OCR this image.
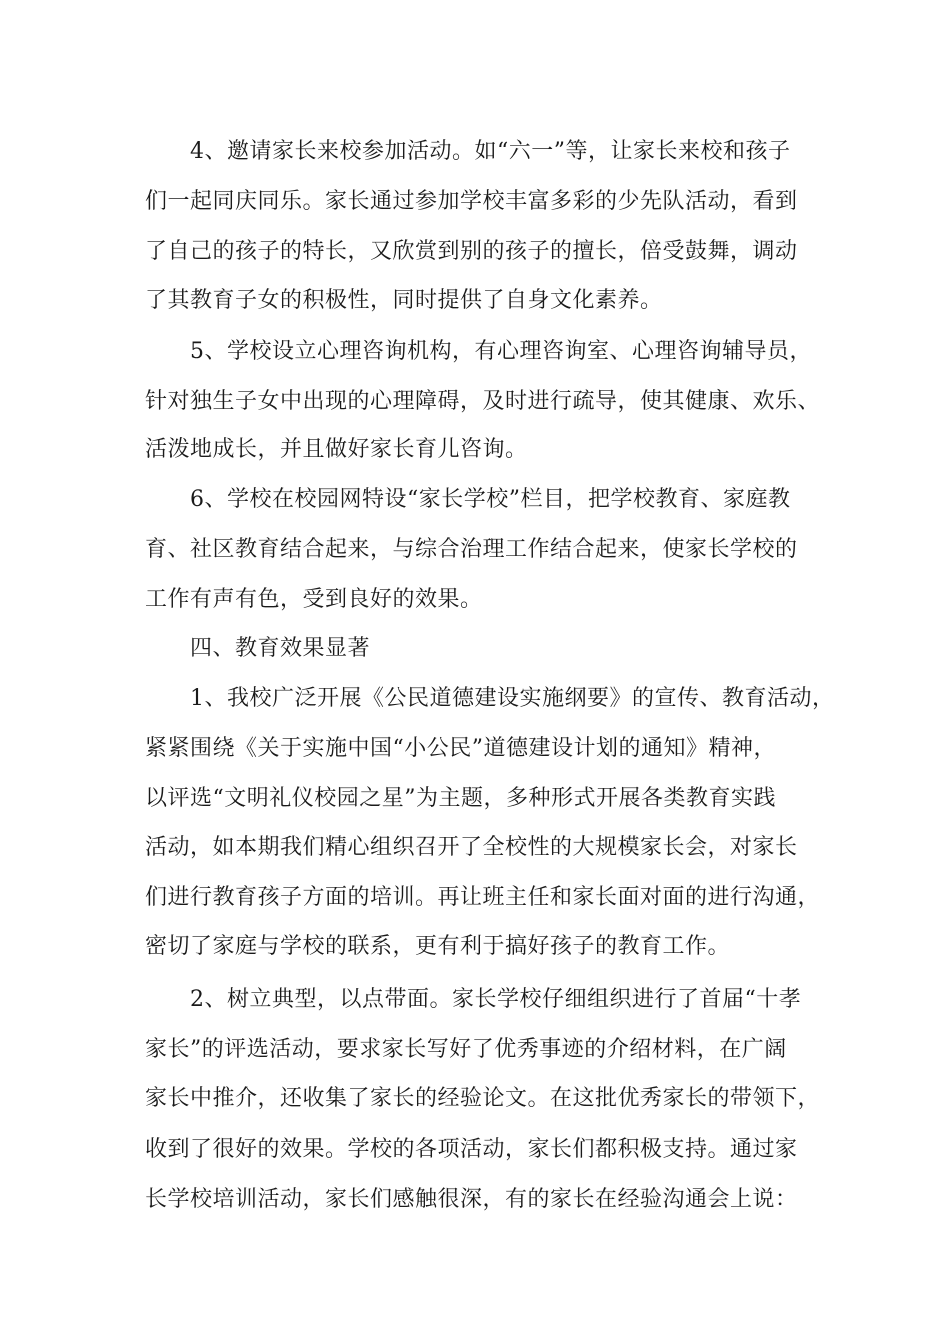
4、邀请家长来校参加活动。如“六一”等，让家长来校和孩子
们一起同庆同乐。家长通过参加学校丰富多彩的少先队活动，看到
了自己的孩子的特长，又欣赏到别的孩子的擅长，倍受鼓舞，调动
了其教育子女的积极性，同时提供了自身文化素养。
5、学校设立心理咨询机构，有心理咨询室、心理咨询辅导员，
针对独生子女中出现的心理障碍，及时进行疏导，使其健康、欢乐、
活泼地成长，并且做好家长育儿咨询。
6、学校在校园网特设“家长学校”栏目，把学校教育、家庭教
育、社区教育结合起来，与综合治理工作结合起来，使家长学校的
工作有声有色，受到良好的效果。
四、教育效果显著
1、我校广泛开展《公民道德建设实施纲要》的宣传、教育活动，
紧紧围绕《关于实施中国“小公民”道德建设计划的通知》精神，
以评选“文明礼仪校园之星”为主题，多种形式开展各类教育实践
活动，如本期我们精心组织召开了全校性的大规模家长会，对家长
们进行教育孩子方面的培训。再让班主任和家长面对面的进行沟通，
密切了家庭与学校的联系，更有利于搞好孩子的教育工作。
2、树立典型，以点带面。家长学校仔细组织进行了首届“十孝
家长”的评选活动，要求家长写好了优秀事迹的介绍材料，在广阔
家长中推介，还收集了家长的经验论文。在这批优秀家长的带领下，
收到了很好的效果。学校的各项活动，家长们都积极支持。通过家
长学校培训活动，家长们感触很深，有的家长在经验沟通会上说：
